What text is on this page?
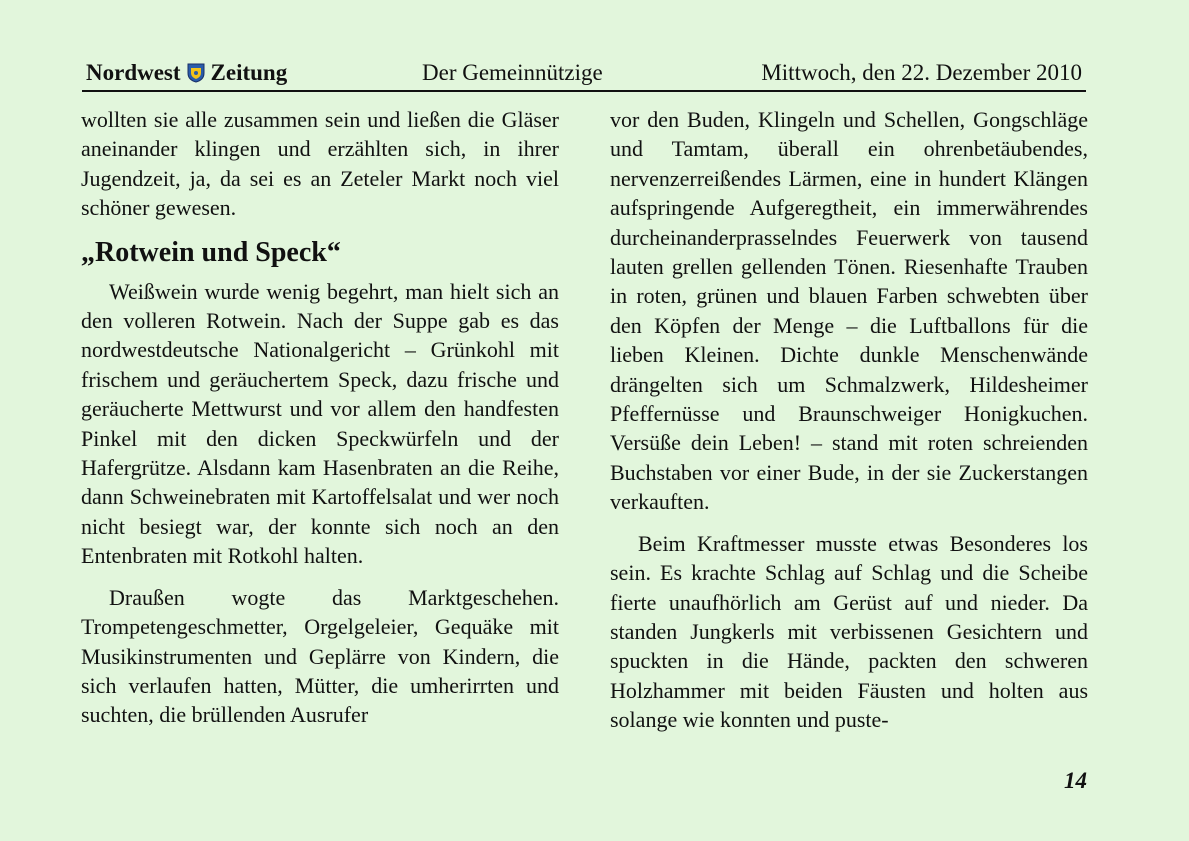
Nordwest Zeitung	Der Gemeinnützige	Mittwoch, den 22. Dezember 2010

wollten sie alle zusammen sein und ließen die Gläser aneinander klingen und erzählten sich, in ihrer Jugendzeit, ja, da sei es an Zeteler Markt noch viel schöner gewesen.

„Rotwein und Speck“

Weißwein wurde wenig begehrt, man hielt sich an den volleren Rotwein. Nach der Suppe gab es das nordwestdeutsche Nationalgericht – Grünkohl mit frischem und geräuchertem Speck, dazu frische und geräucherte Mettwurst und vor allem den handfesten Pinkel mit den dicken Speckwürfeln und der Hafergrütze. Alsdann kam Hasenbraten an die Reihe, dann Schweinebraten mit Kartoffelsalat und wer noch nicht besiegt war, der konnte sich noch an den Entenbraten mit Rotkohl halten.

Draußen wogte das Marktgeschehen. Trompetengeschmetter, Orgelgeleier, Gequäke mit Musikinstrumenten und Geplärre von Kindern, die sich verlaufen hatten, Mütter, die umherirrten und suchten, die brüllenden Ausrufer

vor den Buden, Klingeln und Schellen, Gongschläge und Tamtam, überall ein ohrenbetäubendes, nervenzerreißendes Lärmen, eine in hundert Klängen aufspringende Aufgeregtheit, ein immerwährendes durcheinanderprasselndes Feuerwerk von tausend lauten grellen gellenden Tönen. Riesenhafte Trauben in roten, grünen und blauen Farben schwebten über den Köpfen der Menge – die Luftballons für die lieben Kleinen. Dichte dunkle Menschenwände drängelten sich um Schmalzwerk, Hildesheimer Pfeffernüsse und Braunschweiger Honigkuchen. Versüße dein Leben! – stand mit roten schreienden Buchstaben vor einer Bude, in der sie Zuckerstangen verkauften.

Beim Kraftmesser musste etwas Besonderes los sein. Es krachte Schlag auf Schlag und die Scheibe fierte unaufhörlich am Gerüst auf und nieder. Da standen Jungkerls mit verbissenen Gesichtern und spuckten in die Hände, packten den schweren Holzhammer mit beiden Fäusten und holten aus solange wie konnten und puste-

14
